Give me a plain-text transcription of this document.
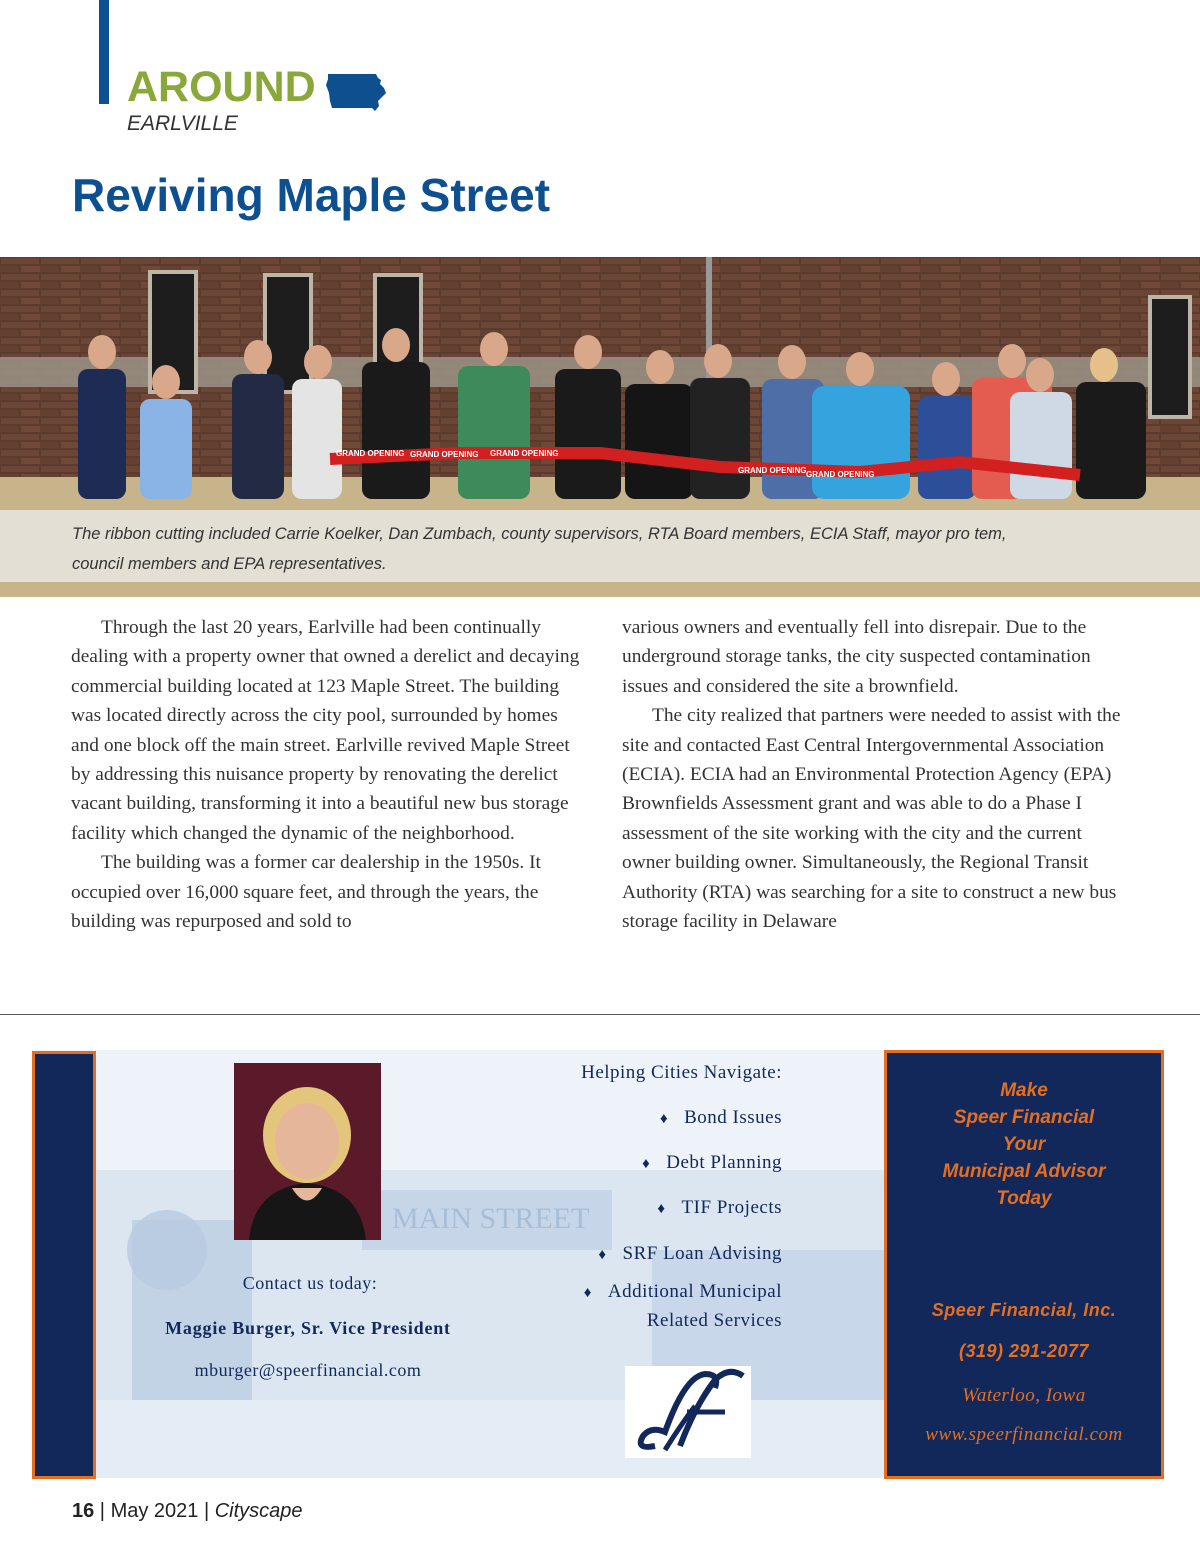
AROUND
EARLVILLE
Reviving Maple Street
GRAND OPENING GRAND OPENING GRAND OPENING
GRAND OPENING GRAND OPENING
The ribbon cutting included Carrie Koelker, Dan Zumbach, county supervisors, RTA Board members, ECIA Staff, mayor pro tem,
council members and EPA representatives.

Through the last 20 years, Earlville had been continually dealing with a property owner that owned a derelict and decaying commercial building located at 123 Maple Street. The building was located directly across the city pool, surrounded by homes and one block off the main street. Earlville revived Maple Street by addressing this nuisance property by renovating the derelict vacant building, transforming it into a beautiful new bus storage facility which changed the dynamic of the neighborhood.

The building was a former car dealership in the 1950s. It occupied over 16,000 square feet, and through the years, the building was repurposed and sold to

various owners and eventually fell into disrepair. Due to the underground storage tanks, the city suspected contamination issues and considered the site a brownfield.

The city realized that partners were needed to assist with the site and contacted East Central Intergovernmental Association (ECIA). ECIA had an Environmental Protection Agency (EPA) Brownfields Assessment grant and was able to do a Phase I assessment of the site working with the city and the current owner building owner. Simultaneously, the Regional Transit Authority (RTA) was searching for a site to construct a new bus storage facility in Delaware

MAIN STREET
Contact us today:
Maggie Burger, Sr. Vice President
mburger@speerfinancial.com
Helping Cities Navigate:
♦ Bond Issues
♦ Debt Planning
♦ TIF Projects
♦ SRF Loan Advising
♦ Additional Municipal
Related Services
Make
Speer Financial
Your
Municipal Advisor
Today
Speer Financial, Inc.
(319) 291-2077
Waterloo, Iowa
www.speerfinancial.com
16 | May 2021 | Cityscape
